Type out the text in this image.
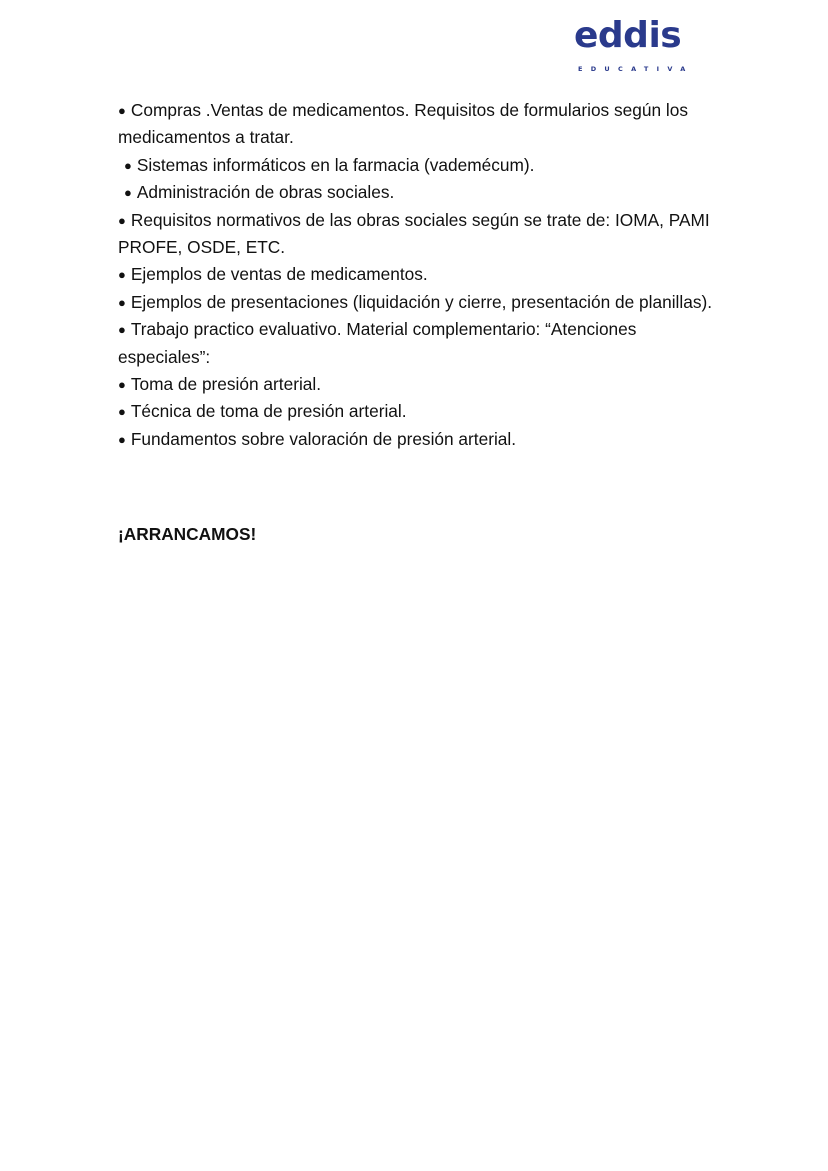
eddis
EDUCATIVA

● Compras .Ventas de medicamentos. Requisitos de formularios según los medicamentos a tratar.

● Sistemas informáticos en la farmacia (vademécum).

● Administración de obras sociales.

● Requisitos normativos de las obras sociales según se trate de: IOMA, PAMI PROFE, OSDE, ETC.

● Ejemplos de ventas de medicamentos.

● Ejemplos de presentaciones (liquidación y cierre, presentación de planillas).

● Trabajo practico evaluativo. Material complementario: “Atenciones especiales”:

● Toma de presión arterial.

● Técnica de toma de presión arterial.

● Fundamentos sobre valoración de presión arterial.

¡ARRANCAMOS!
